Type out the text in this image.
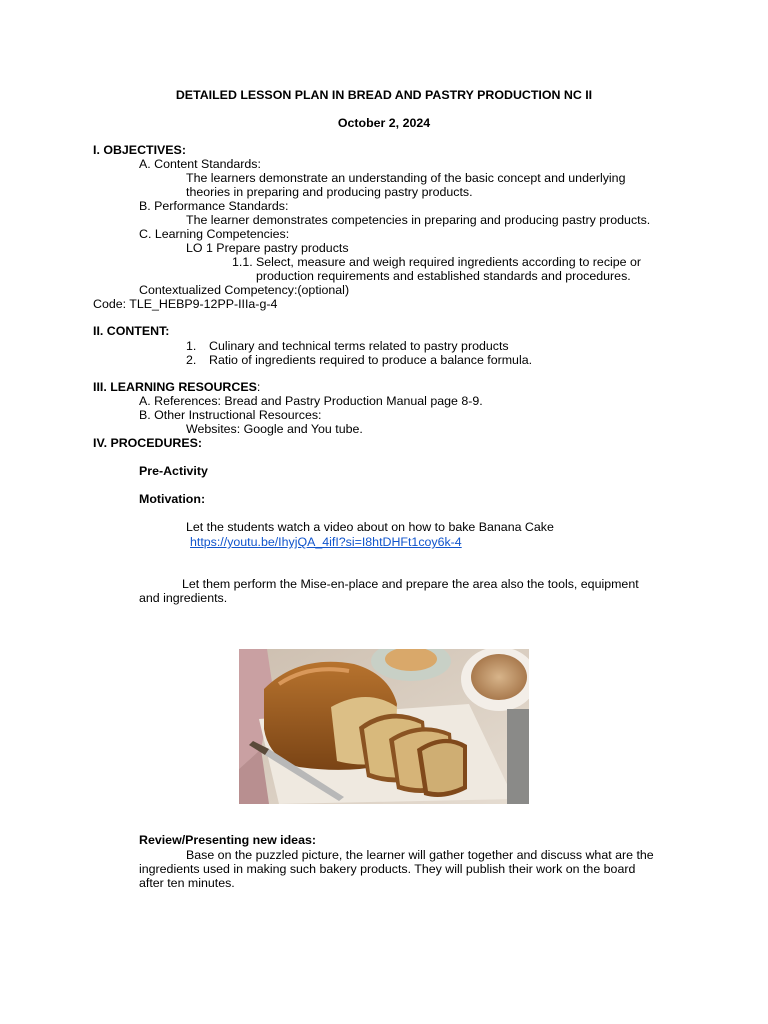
DETAILED LESSON PLAN IN BREAD AND PASTRY PRODUCTION NC II
October 2, 2024
I. OBJECTIVES:
A. Content Standards:
The learners demonstrate an understanding of the basic concept and underlying
theories in preparing and producing pastry products.
B. Performance Standards:
The learner demonstrates competencies in preparing and producing pastry products.
C. Learning Competencies:
LO 1 Prepare pastry products
1.1. Select, measure and weigh required ingredients according to recipe or
production requirements and established standards and procedures.
Contextualized Competency:(optional)
Code: TLE_HEBP9-12PP-IIIa-g-4
II. CONTENT:
1. Culinary and technical terms related to pastry products
2. Ratio of ingredients required to produce a balance formula.
III. LEARNING RESOURCES:
A. References: Bread and Pastry Production Manual page 8-9.
B. Other Instructional Resources:
Websites: Google and You tube.
IV. PROCEDURES:
Pre-Activity
Motivation:
Let the students watch a video about on how to bake Banana Cake
https://youtu.be/IhyjQA_4ifI?si=I8htDHFt1coy6k-4
Let them perform the Mise-en-place and prepare the area also the tools, equipment
and ingredients.
Review/Presenting new ideas:
Base on the puzzled picture, the learner will gather together and discuss what are the
ingredients used in making such bakery products. They will publish their work on the board
after ten minutes.
